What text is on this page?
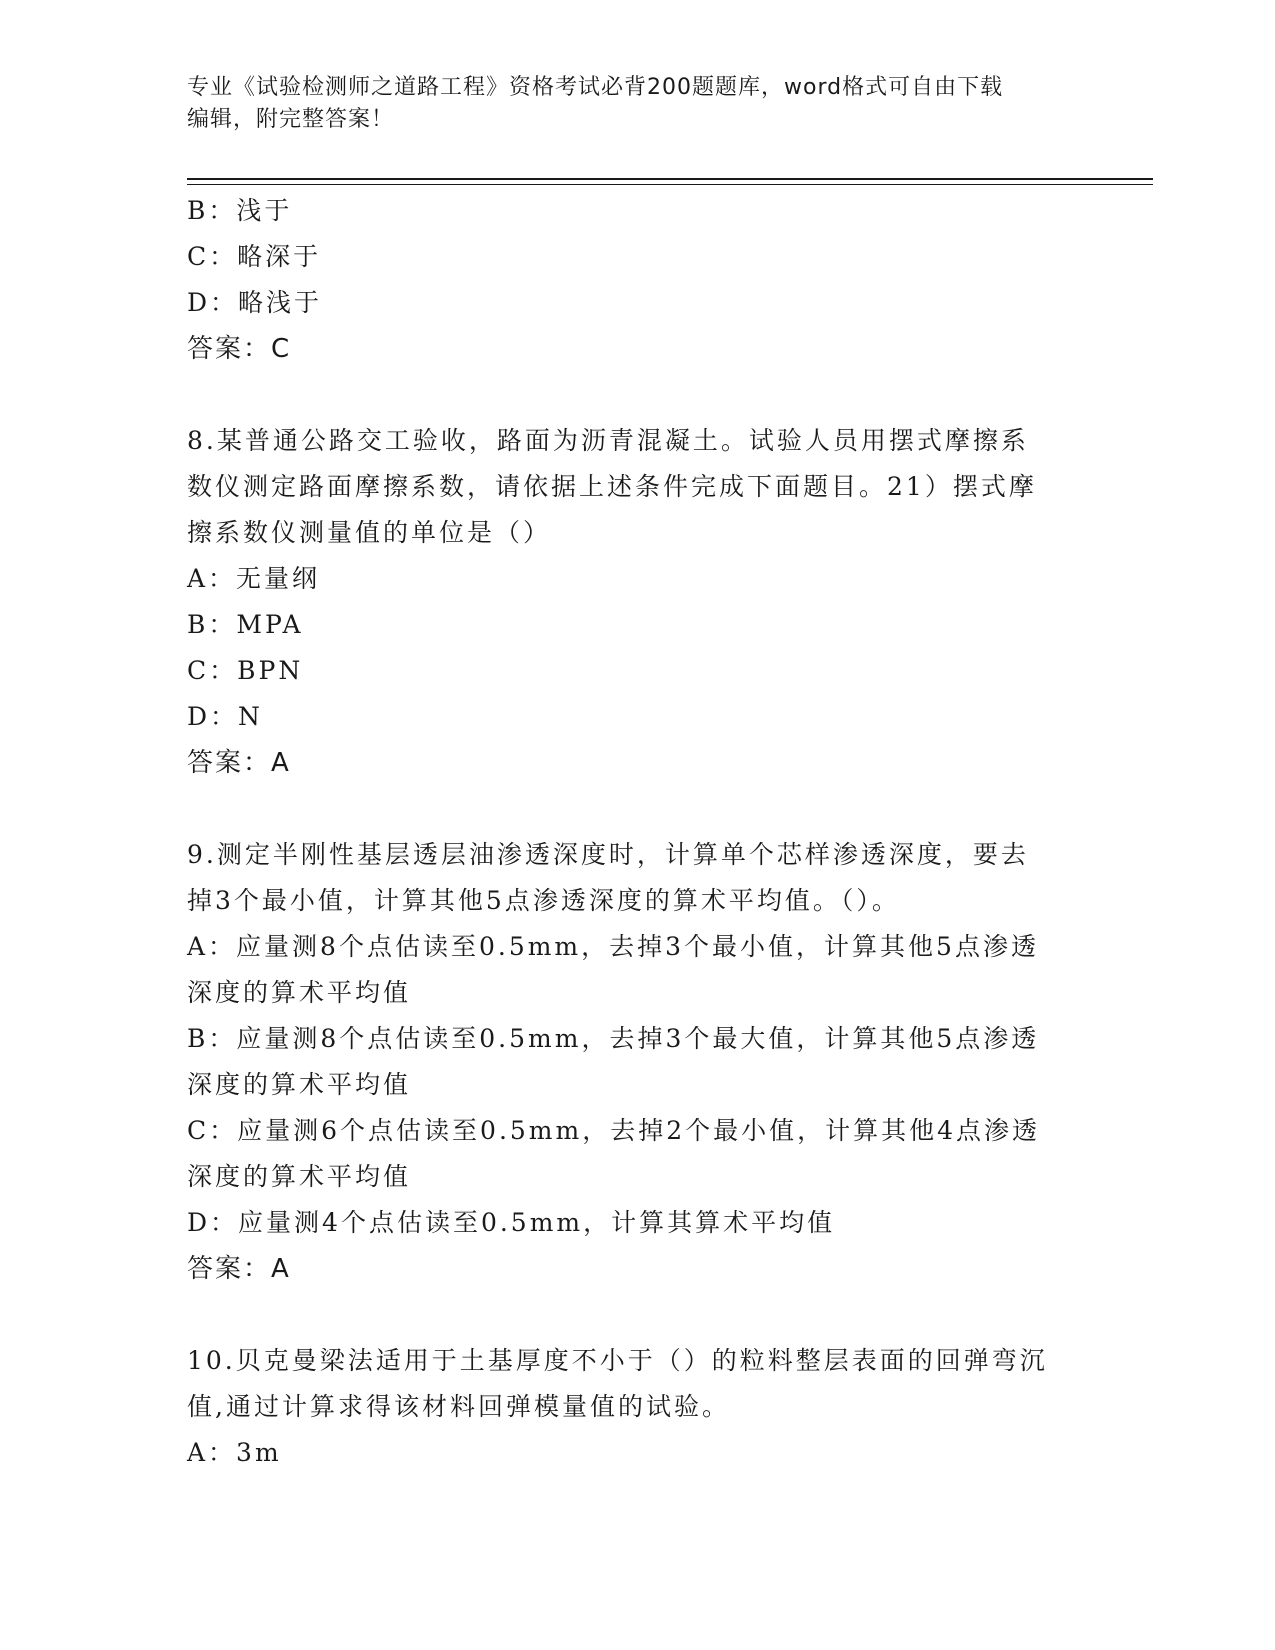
专业《试验检测师之道路工程》资格考试必背200题题库，word格式可自由下载
编辑，附完整答案！

B：浅于

C：略深于

D：略浅于

答案：C

8.某普通公路交工验收，路面为沥青混凝土。试验人员用摆式摩擦系

数仪测定路面摩擦系数，请依据上述条件完成下面题目。21）摆式摩

擦系数仪测量值的单位是（）

A：无量纲

B：MPA

C：BPN

D：N

答案：A

9.测定半刚性基层透层油渗透深度时，计算单个芯样渗透深度，要去

掉3个最小值，计算其他5点渗透深度的算术平均值。（）。

A：应量测8个点估读至0.5mm，去掉3个最小值，计算其他5点渗透

深度的算术平均值

B：应量测8个点估读至0.5mm，去掉3个最大值，计算其他5点渗透

深度的算术平均值

C：应量测6个点估读至0.5mm，去掉2个最小值，计算其他4点渗透

深度的算术平均值

D：应量测4个点估读至0.5mm，计算其算术平均值

答案：A

10.贝克曼梁法适用于土基厚度不小于（）的粒料整层表面的回弹弯沉

值,通过计算求得该材料回弹模量值的试验。

A：3m
